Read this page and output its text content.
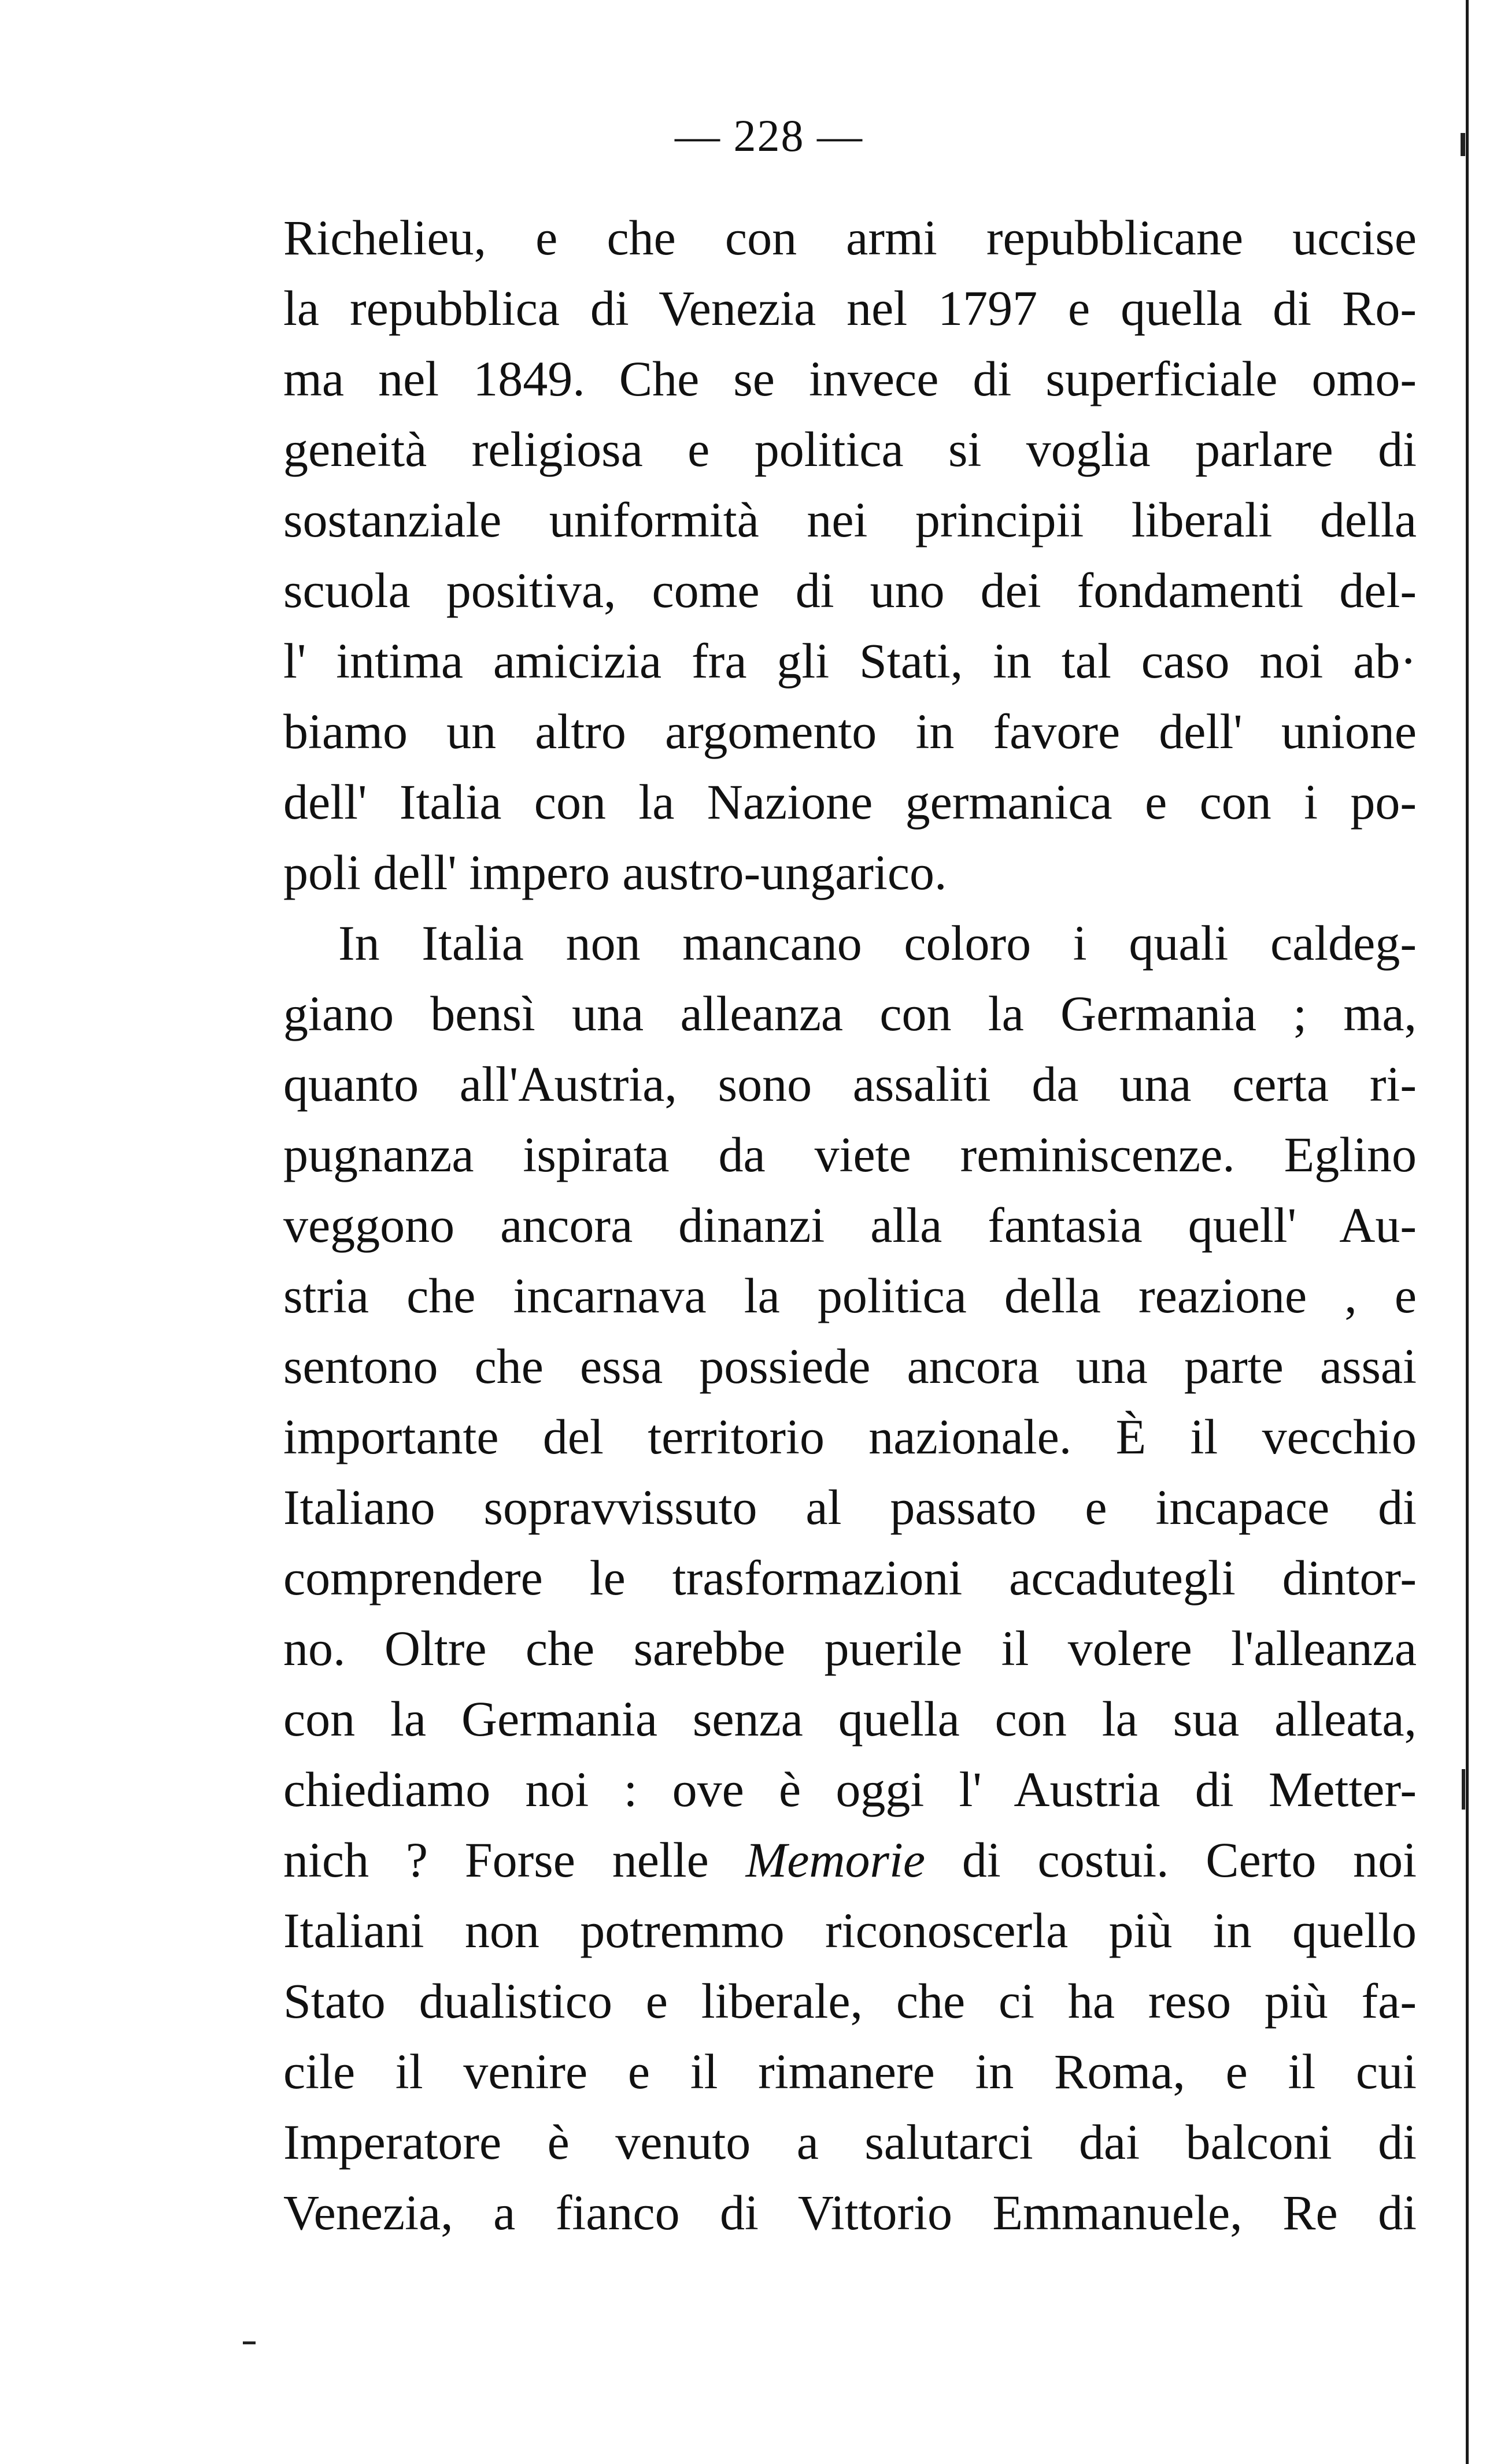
— 228 —
Richelieu, e che con armi repubblicane uccise
la repubblica di Venezia nel 1797 e quella di Ro-
ma nel 1849. Che se invece di superficiale omo-
geneità religiosa e politica si voglia parlare di
sostanziale uniformità nei principii liberali della
scuola positiva, come di uno dei fondamenti del-
l' intima amicizia fra gli Stati, in tal caso noi ab·
biamo un altro argomento in favore dell' unione
dell' Italia con la Nazione germanica e con i po-
poli dell' impero austro-ungarico.
In Italia non mancano coloro i quali caldeg-
giano bensì una alleanza con la Germania ; ma,
quanto all'Austria, sono assaliti da una certa ri-
pugnanza ispirata da viete reminiscenze. Eglino
veggono ancora dinanzi alla fantasia quell' Au-
stria che incarnava la politica della reazione , e
sentono che essa possiede ancora una parte assai
importante del territorio nazionale. È il vecchio
Italiano sopravvissuto al passato e incapace di
comprendere le trasformazioni accadutegli dintor-
no. Oltre che sarebbe puerile il volere l'alleanza
con la Germania senza quella con la sua alleata,
chiediamo noi : ove è oggi l' Austria di Metter-
nich ? Forse nelle Memorie di costui. Certo noi
Italiani non potremmo riconoscerla più in quello
Stato dualistico e liberale, che ci ha reso più fa-
cile il venire e il rimanere in Roma, e il cui
Imperatore è venuto a salutarci dai balconi di
Venezia, a fianco di Vittorio Emmanuele, Re di
